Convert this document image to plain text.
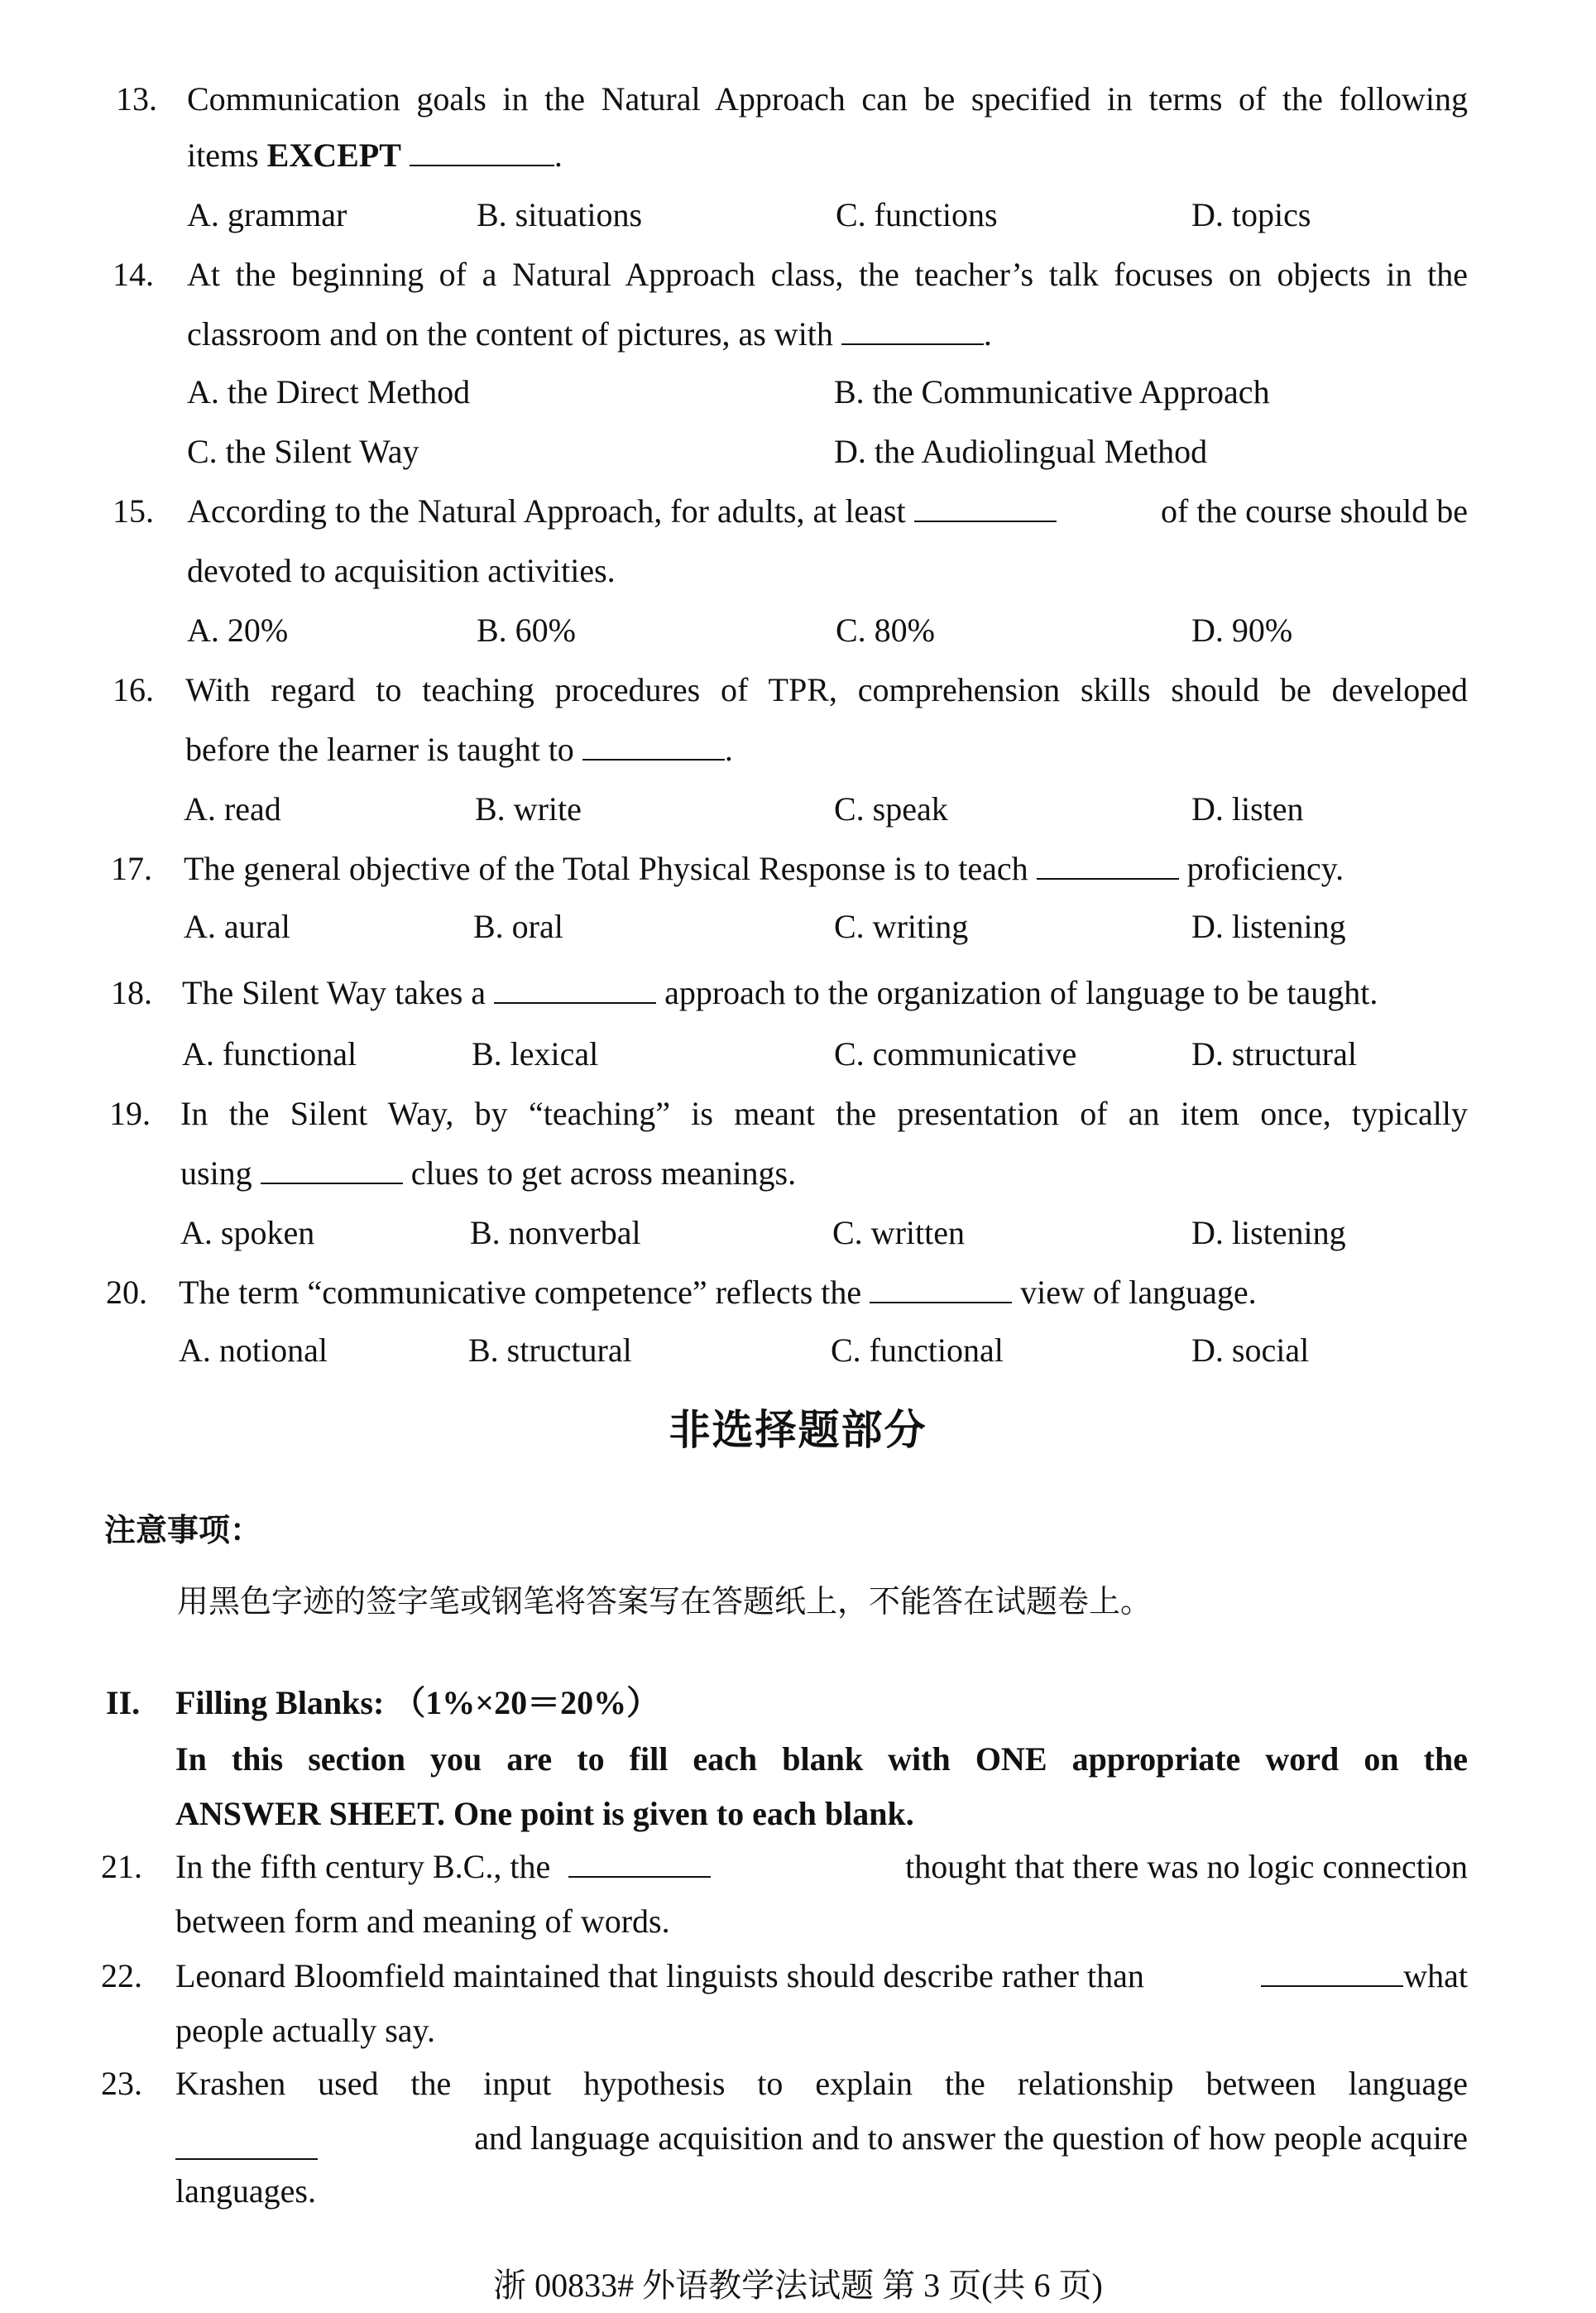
13. Communication goals in the Natural Approach can be specified in terms of the following
items EXCEPT	.
A. grammar	B. situations	C. functions	D. topics
14. At the beginning of a Natural Approach class, the teacher’s talk focuses on objects in the
classroom and on the content of pictures, as with	.
A. the Direct Method	B. the Communicative Approach
C. the Silent Way	D. the Audiolingual Method
15. According to the Natural Approach, for adults, at least	of the course should be
devoted to acquisition activities.
A. 20%	B. 60%	C. 80%	D. 90%
16. With regard to teaching procedures of TPR, comprehension skills should be developed
before the learner is taught to	.
A. read	B. write	C. speak	D. listen
17. The general objective of the Total Physical Response is to teach	proficiency.
A. aural	B. oral	C. writing	D. listening
18. The Silent Way takes a	approach to the organization of language to be taught.
A. functional	B. lexical	C. communicative	D. structural
19. In the Silent Way, by “teaching” is meant the presentation of an item once, typically
using	clues to get across meanings.
A. spoken	B. nonverbal	C. written	D. listening
20. The term “communicative competence” reflects the	view of language.
A. notional	B. structural	C. functional	D. social
非选择题部分
注意事项：
用黑色字迹的签字笔或钢笔将答案写在答题纸上，不能答在试题卷上。
II. Filling Blanks: （1%×20＝20%）
In this section you are to fill each blank with ONE appropriate word on the
ANSWER SHEET. One point is given to each blank.
21. In the fifth century B.C., the	thought that there was no logic connection
between form and meaning of words.
22. Leonard Bloomfield maintained that linguists should describe rather than	what
people actually say.
23. Krashen used the input hypothesis to explain the relationship between language
and language acquisition and to answer the question of how people acquire
languages.
浙 00833# 外语教学法试题 第 3 页(共 6 页)
